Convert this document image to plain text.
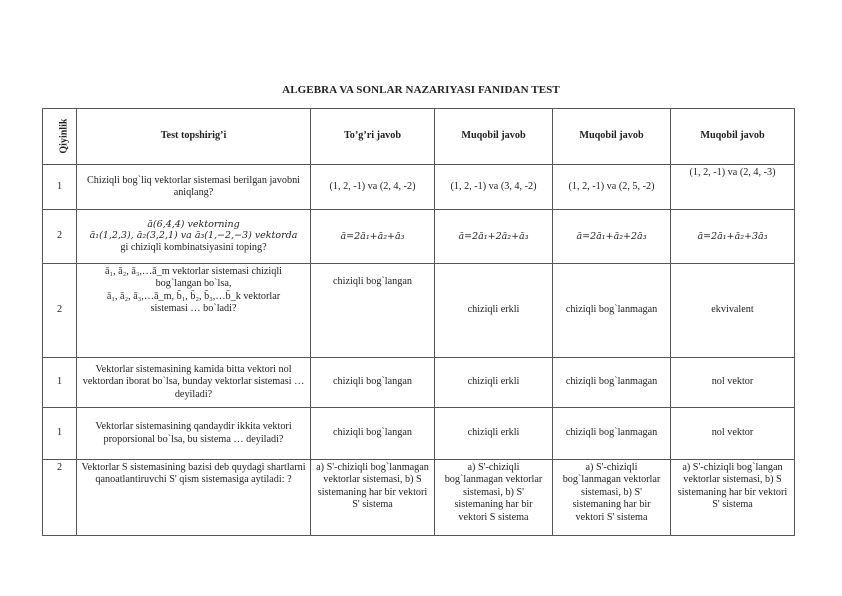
ALGEBRA VA SONLAR NAZARIYASI FANIDAN TEST
Qiyinlik	Test topshirig’i	To’g’ri javob	Muqobil javob	Muqobil javob	Muqobil javob
1	Chiziqli bog`liq vektorlar sistemasi berilgan javobni aniqlang?	(1, 2, -1) va (2, 4, -2)	(1, 2, -1) va (3, 4, -2)	(1, 2, -1) va (2, 5, -2)	(1, 2, -1) va (2, 4, -3)
2	ā(6,4,4) vektorning
ā₁(1,2,3), ā₂(3,2,1) va ā₃(1,−2,−3) vektorda
gi chiziqli kombinatsiyasini toping?	ā=2ā₁+ā₂+ā₃	ā=2ā₁+2ā₂+ā₃	ā=2ā₁+ā₂+2ā₃	ā=2ā₁+ā₂+3ā₃
2	ā₁, ā₂, ā₃,…ā_m vektorlar sistemasi chiziqli bog`langan bo`lsa,
ā₁, ā₂, ā₃,…ā_m, b̄₁, b̄₂, b̄₃,…b̄_k vektorlar
sistemasi … bo`ladi?	chiziqli bog`langan	chiziqli erkli	chiziqli bog`lanmagan	ekvivalent
1	Vektorlar sistemasining kamida bitta vektori nol vektordan iborat bo`lsa, bunday vektorlar sistemasi … deyiladi?	chiziqli bog`langan	chiziqli erkli	chiziqli bog`lanmagan	nol vektor
1	Vektorlar sistemasining qandaydir ikkita vektori proporsional bo`lsa, bu sistema … deyiladi?	chiziqli bog`langan	chiziqli erkli	chiziqli bog`lanmagan	nol vektor
2	Vektorlar S sistemasining bazisi deb quydagi shartlarni qanoatlantiruvchi S' qism sistemasiga aytiladi: ?	a) S'-chiziqli bog`lanmagan vektorlar sistemasi, b) S sistemaning har bir vektori S' sistema	a) S'-chiziqli bog`lanmagan vektorlar sistemasi, b) S' sistemaning har bir vektori S sistema	a) S'-chiziqli bog`lanmagan vektorlar sistemasi, b) S' sistemaning har bir vektori S' sistema	a) S'-chiziqli bog`langan vektorlar sistemasi, b) S sistemaning har bir vektori S' sistema
